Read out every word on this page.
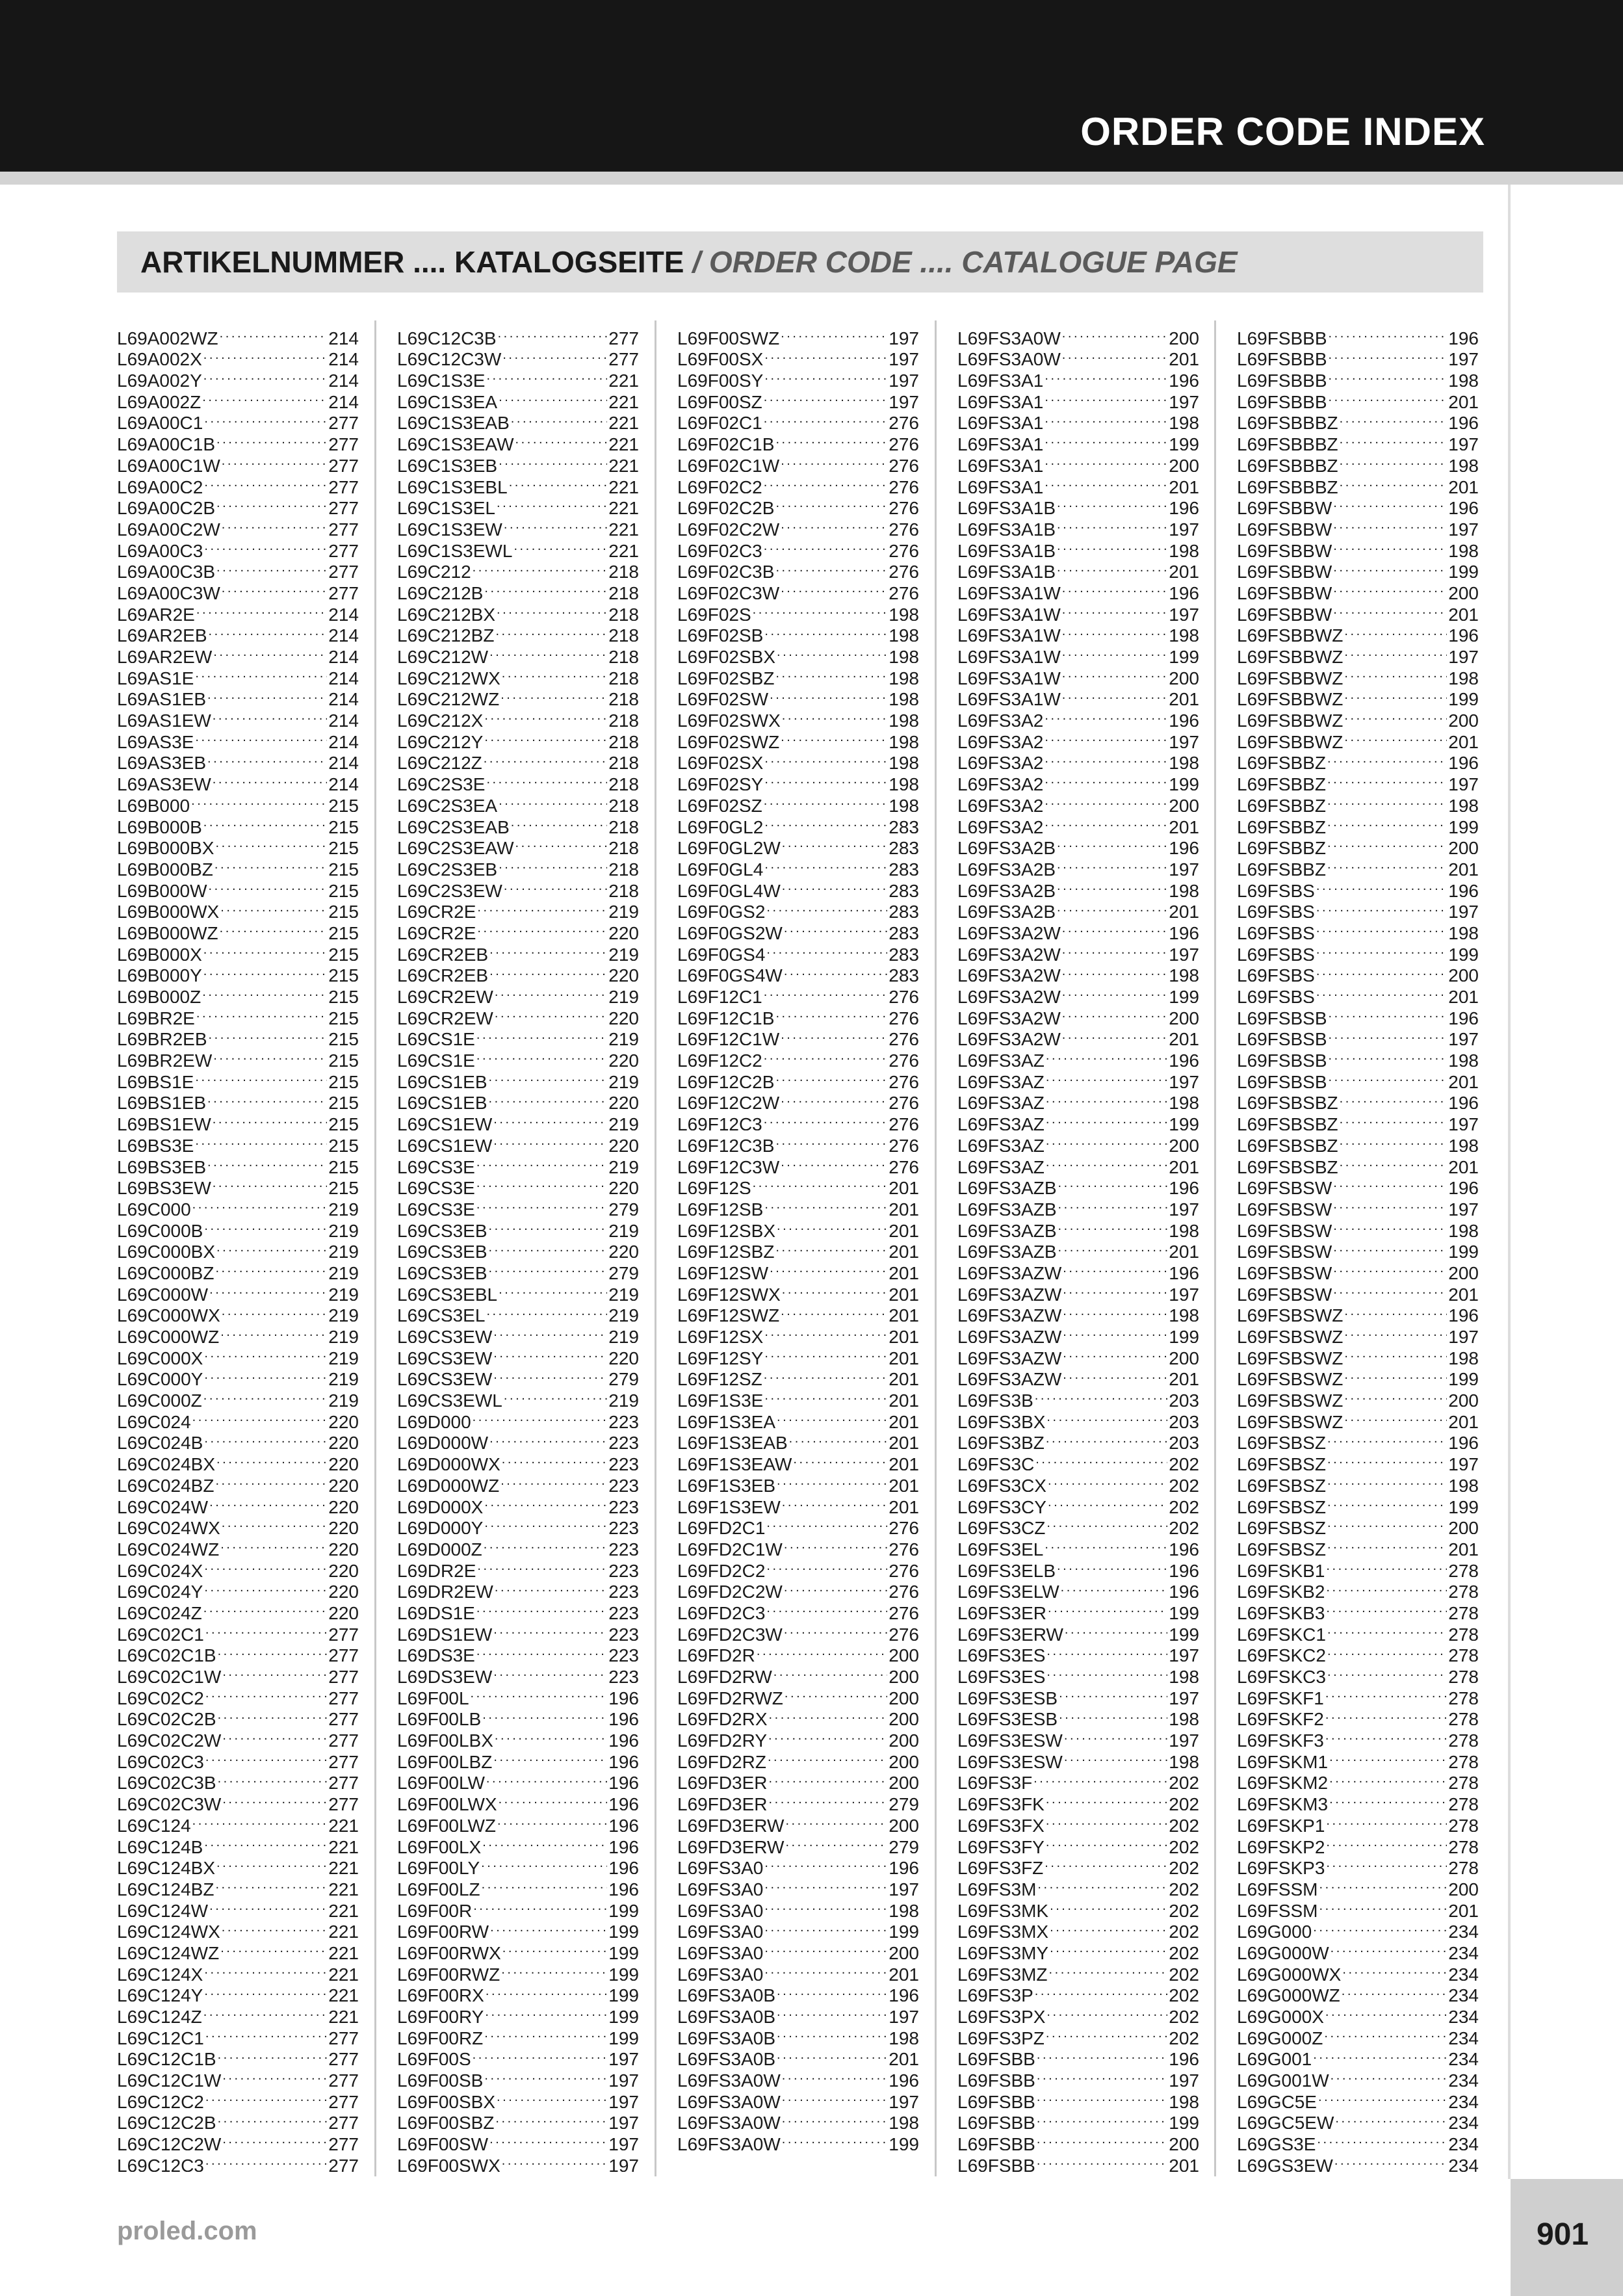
ORDER CODE INDEX
ARTIKELNUMMER .... KATALOGSEITE / ORDER CODE .... CATALOGUE PAGE
L69A002WZ . . .	214
L69A002X . . .	214
L69A002Y . . .	214
L69A002Z . . .	214
L69A00C1 . . .	277
L69A00C1B . . .	277
L69A00C1W . . .	277
L69A00C2 . . .	277
L69A00C2B . . .	277
L69A00C2W . . .	277
L69A00C3 . . .	277
L69A00C3B . . .	277
L69A00C3W . . .	277
L69AR2E . . .	214
L69AR2EB . . .	214
L69AR2EW . . .	214
L69AS1E . . .	214
L69AS1EB . . .	214
L69AS1EW . . .	214
L69AS3E . . .	214
L69AS3EB . . .	214
L69AS3EW . . .	214
L69B000 . . .	215
L69B000B . . .	215
L69B000BX . . .	215
L69B000BZ . . .	215
L69B000W . . .	215
L69B000WX . . .	215
L69B000WZ . . .	215
L69B000X . . .	215
L69B000Y . . .	215
L69B000Z . . .	215
L69BR2E . . .	215
L69BR2EB . . .	215
L69BR2EW . . .	215
L69BS1E . . .	215
L69BS1EB . . .	215
L69BS1EW . . .	215
L69BS3E . . .	215
L69BS3EB . . .	215
L69BS3EW . . .	215
L69C000 . . .	219
L69C000B . . .	219
L69C000BX . . .	219
L69C000BZ . . .	219
L69C000W . . .	219
L69C000WX . . .	219
L69C000WZ . . .	219
L69C000X . . .	219
L69C000Y . . .	219
L69C000Z . . .	219
L69C024 . . .	220
L69C024B . . .	220
L69C024BX . . .	220
L69C024BZ . . .	220
L69C024W . . .	220
L69C024WX . . .	220
L69C024WZ . . .	220
L69C024X . . .	220
L69C024Y . . .	220
L69C024Z . . .	220
L69C02C1 . . .	277
L69C02C1B . . .	277
L69C02C1W . . .	277
L69C02C2 . . .	277
L69C02C2B . . .	277
L69C02C2W . . .	277
L69C02C3 . . .	277
L69C02C3B . . .	277
L69C02C3W . . .	277
L69C124 . . .	221
L69C124B . . .	221
L69C124BX . . .	221
L69C124BZ . . .	221
L69C124W . . .	221
L69C124WX . . .	221
L69C124WZ . . .	221
L69C124X . . .	221
L69C124Y . . .	221
L69C124Z . . .	221
L69C12C1 . . .	277
L69C12C1B . . .	277
L69C12C1W . . .	277
L69C12C2 . . .	277
L69C12C2B . . .	277
L69C12C2W . . .	277
L69C12C3 . . .	277
L69C12C3B . . .	277
L69C12C3W . . .	277
L69C1S3E . . .	221
L69C1S3EA . . .	221
L69C1S3EAB . . .	221
L69C1S3EAW . . .	221
L69C1S3EB . . .	221
L69C1S3EBL . . .	221
L69C1S3EL . . .	221
L69C1S3EW . . .	221
L69C1S3EWL . . .	221
L69C212 . . .	218
L69C212B . . .	218
L69C212BX . . .	218
L69C212BZ . . .	218
L69C212W . . .	218
L69C212WX . . .	218
L69C212WZ . . .	218
L69C212X . . .	218
L69C212Y . . .	218
L69C212Z . . .	218
L69C2S3E . . .	218
L69C2S3EA . . .	218
L69C2S3EAB . . .	218
L69C2S3EAW . . .	218
L69C2S3EB . . .	218
L69C2S3EW . . .	218
L69CR2E . . .	219
L69CR2E . . .	220
L69CR2EB . . .	219
L69CR2EB . . .	220
L69CR2EW . . .	219
L69CR2EW . . .	220
L69CS1E . . .	219
L69CS1E . . .	220
L69CS1EB . . .	219
L69CS1EB . . .	220
L69CS1EW . . .	219
L69CS1EW . . .	220
L69CS3E . . .	219
L69CS3E . . .	220
L69CS3E . . .	279
L69CS3EB . . .	219
L69CS3EB . . .	220
L69CS3EB . . .	279
L69CS3EBL . . .	219
L69CS3EL . . .	219
L69CS3EW . . .	219
L69CS3EW . . .	220
L69CS3EW . . .	279
L69CS3EWL . . .	219
L69D000 . . .	223
L69D000W . . .	223
L69D000WX . . .	223
L69D000WZ . . .	223
L69D000X . . .	223
L69D000Y . . .	223
L69D000Z . . .	223
L69DR2E . . .	223
L69DR2EW . . .	223
L69DS1E . . .	223
L69DS1EW . . .	223
L69DS3E . . .	223
L69DS3EW . . .	223
L69F00L . . .	196
L69F00LB . . .	196
L69F00LBX . . .	196
L69F00LBZ . . .	196
L69F00LW . . .	196
L69F00LWX . . .	196
L69F00LWZ . . .	196
L69F00LX . . .	196
L69F00LY . . .	196
L69F00LZ . . .	196
L69F00R . . .	199
L69F00RW . . .	199
L69F00RWX . . .	199
L69F00RWZ . . .	199
L69F00RX . . .	199
L69F00RY . . .	199
L69F00RZ . . .	199
L69F00S . . .	197
L69F00SB . . .	197
L69F00SBX . . .	197
L69F00SBZ . . .	197
L69F00SW . . .	197
L69F00SWX . . .	197
L69F00SWZ . . .	197
L69F00SX . . .	197
L69F00SY . . .	197
L69F00SZ . . .	197
L69F02C1 . . .	276
L69F02C1B . . .	276
L69F02C1W . . .	276
L69F02C2 . . .	276
L69F02C2B . . .	276
L69F02C2W . . .	276
L69F02C3 . . .	276
L69F02C3B . . .	276
L69F02C3W . . .	276
L69F02S . . .	198
L69F02SB . . .	198
L69F02SBX . . .	198
L69F02SBZ . . .	198
L69F02SW . . .	198
L69F02SWX . . .	198
L69F02SWZ . . .	198
L69F02SX . . .	198
L69F02SY . . .	198
L69F02SZ . . .	198
L69F0GL2 . . .	283
L69F0GL2W . . .	283
L69F0GL4 . . .	283
L69F0GL4W . . .	283
L69F0GS2 . . .	283
L69F0GS2W . . .	283
L69F0GS4 . . .	283
L69F0GS4W . . .	283
L69F12C1 . . .	276
L69F12C1B . . .	276
L69F12C1W . . .	276
L69F12C2 . . .	276
L69F12C2B . . .	276
L69F12C2W . . .	276
L69F12C3 . . .	276
L69F12C3B . . .	276
L69F12C3W . . .	276
L69F12S . . .	201
L69F12SB . . .	201
L69F12SBX . . .	201
L69F12SBZ . . .	201
L69F12SW . . .	201
L69F12SWX . . .	201
L69F12SWZ . . .	201
L69F12SX . . .	201
L69F12SY . . .	201
L69F12SZ . . .	201
L69F1S3E . . .	201
L69F1S3EA . . .	201
L69F1S3EAB . . .	201
L69F1S3EAW . . .	201
L69F1S3EB . . .	201
L69F1S3EW . . .	201
L69FD2C1 . . .	276
L69FD2C1W . . .	276
L69FD2C2 . . .	276
L69FD2C2W . . .	276
L69FD2C3 . . .	276
L69FD2C3W . . .	276
L69FD2R . . .	200
L69FD2RW . . .	200
L69FD2RWZ . . .	200
L69FD2RX . . .	200
L69FD2RY . . .	200
L69FD2RZ . . .	200
L69FD3ER . . .	200
L69FD3ER . . .	279
L69FD3ERW . . .	200
L69FD3ERW . . .	279
L69FS3A0 . . .	196
L69FS3A0 . . .	197
L69FS3A0 . . .	198
L69FS3A0 . . .	199
L69FS3A0 . . .	200
L69FS3A0 . . .	201
L69FS3A0B . . .	196
L69FS3A0B . . .	197
L69FS3A0B . . .	198
L69FS3A0B . . .	201
L69FS3A0W . . .	196
L69FS3A0W . . .	197
L69FS3A0W . . .	198
L69FS3A0W . . .	199
L69FS3A0W . . .	200
L69FS3A0W . . .	201
L69FS3A1 . . .	196
L69FS3A1 . . .	197
L69FS3A1 . . .	198
L69FS3A1 . . .	199
L69FS3A1 . . .	200
L69FS3A1 . . .	201
L69FS3A1B . . .	196
L69FS3A1B . . .	197
L69FS3A1B . . .	198
L69FS3A1B . . .	201
L69FS3A1W . . .	196
L69FS3A1W . . .	197
L69FS3A1W . . .	198
L69FS3A1W . . .	199
L69FS3A1W . . .	200
L69FS3A1W . . .	201
L69FS3A2 . . .	196
L69FS3A2 . . .	197
L69FS3A2 . . .	198
L69FS3A2 . . .	199
L69FS3A2 . . .	200
L69FS3A2 . . .	201
L69FS3A2B . . .	196
L69FS3A2B . . .	197
L69FS3A2B . . .	198
L69FS3A2B . . .	201
L69FS3A2W . . .	196
L69FS3A2W . . .	197
L69FS3A2W . . .	198
L69FS3A2W . . .	199
L69FS3A2W . . .	200
L69FS3A2W . . .	201
L69FS3AZ . . .	196
L69FS3AZ . . .	197
L69FS3AZ . . .	198
L69FS3AZ . . .	199
L69FS3AZ . . .	200
L69FS3AZ . . .	201
L69FS3AZB . . .	196
L69FS3AZB . . .	197
L69FS3AZB . . .	198
L69FS3AZB . . .	201
L69FS3AZW . . .	196
L69FS3AZW . . .	197
L69FS3AZW . . .	198
L69FS3AZW . . .	199
L69FS3AZW . . .	200
L69FS3AZW . . .	201
L69FS3B . . .	203
L69FS3BX . . .	203
L69FS3BZ . . .	203
L69FS3C . . .	202
L69FS3CX . . .	202
L69FS3CY . . .	202
L69FS3CZ . . .	202
L69FS3EL . . .	196
L69FS3ELB . . .	196
L69FS3ELW . . .	196
L69FS3ER . . .	199
L69FS3ERW . . .	199
L69FS3ES . . .	197
L69FS3ES . . .	198
L69FS3ESB . . .	197
L69FS3ESB . . .	198
L69FS3ESW . . .	197
L69FS3ESW . . .	198
L69FS3F . . .	202
L69FS3FK . . .	202
L69FS3FX . . .	202
L69FS3FY . . .	202
L69FS3FZ . . .	202
L69FS3M . . .	202
L69FS3MK . . .	202
L69FS3MX . . .	202
L69FS3MY . . .	202
L69FS3MZ . . .	202
L69FS3P . . .	202
L69FS3PX . . .	202
L69FS3PZ . . .	202
L69FSBB . . .	196
L69FSBB . . .	197
L69FSBB . . .	198
L69FSBB . . .	199
L69FSBB . . .	200
L69FSBB . . .	201
L69FSBBB . . .	196
L69FSBBB . . .	197
L69FSBBB . . .	198
L69FSBBB . . .	201
L69FSBBBZ . . .	196
L69FSBBBZ . . .	197
L69FSBBBZ . . .	198
L69FSBBBZ . . .	201
L69FSBBW . . .	196
L69FSBBW . . .	197
L69FSBBW . . .	198
L69FSBBW . . .	199
L69FSBBW . . .	200
L69FSBBW . . .	201
L69FSBBWZ . . .	196
L69FSBBWZ . . .	197
L69FSBBWZ . . .	198
L69FSBBWZ . . .	199
L69FSBBWZ . . .	200
L69FSBBWZ . . .	201
L69FSBBZ . . .	196
L69FSBBZ . . .	197
L69FSBBZ . . .	198
L69FSBBZ . . .	199
L69FSBBZ . . .	200
L69FSBBZ . . .	201
L69FSBS . . .	196
L69FSBS . . .	197
L69FSBS . . .	198
L69FSBS . . .	199
L69FSBS . . .	200
L69FSBS . . .	201
L69FSBSB . . .	196
L69FSBSB . . .	197
L69FSBSB . . .	198
L69FSBSB . . .	201
L69FSBSBZ . . .	196
L69FSBSBZ . . .	197
L69FSBSBZ . . .	198
L69FSBSBZ . . .	201
L69FSBSW . . .	196
L69FSBSW . . .	197
L69FSBSW . . .	198
L69FSBSW . . .	199
L69FSBSW . . .	200
L69FSBSW . . .	201
L69FSBSWZ . . .	196
L69FSBSWZ . . .	197
L69FSBSWZ . . .	198
L69FSBSWZ . . .	199
L69FSBSWZ . . .	200
L69FSBSWZ . . .	201
L69FSBSZ . . .	196
L69FSBSZ . . .	197
L69FSBSZ . . .	198
L69FSBSZ . . .	199
L69FSBSZ . . .	200
L69FSBSZ . . .	201
L69FSKB1 . . .	278
L69FSKB2 . . .	278
L69FSKB3 . . .	278
L69FSKC1 . . .	278
L69FSKC2 . . .	278
L69FSKC3 . . .	278
L69FSKF1 . . .	278
L69FSKF2 . . .	278
L69FSKF3 . . .	278
L69FSKM1 . . .	278
L69FSKM2 . . .	278
L69FSKM3 . . .	278
L69FSKP1 . . .	278
L69FSKP2 . . .	278
L69FSKP3 . . .	278
L69FSSM . . .	200
L69FSSM . . .	201
L69G000 . . .	234
L69G000W . . .	234
L69G000WX . . .	234
L69G000WZ . . .	234
L69G000X . . .	234
L69G000Z . . .	234
L69G001 . . .	234
L69G001W . . .	234
L69GC5E . . .	234
L69GC5EW . . .	234
L69GS3E . . .	234
L69GS3EW . . .	234
proled.com	901
